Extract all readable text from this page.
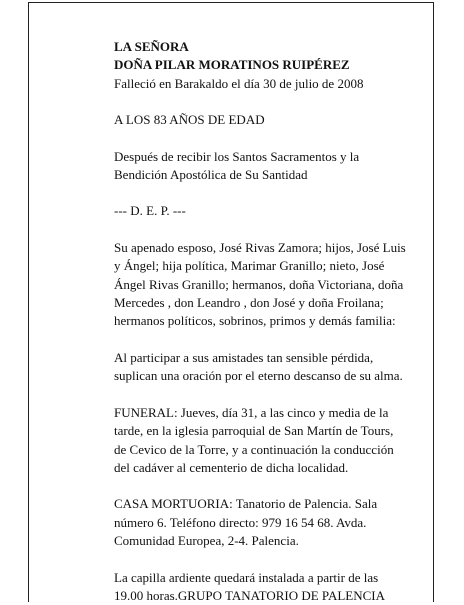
LA SEÑORA

DOÑA PILAR MORATINOS RUIPÉREZ

Falleció en Barakaldo el día 30 de julio de 2008

A LOS 83 AÑOS DE EDAD

Después de recibir los Santos Sacramentos y la

Bendición Apostólica de Su Santidad

--- D. E. P. ---

Su apenado esposo, José Rivas Zamora; hijos, José Luis

y Ángel; hija política, Marimar Granillo; nieto, José

Ángel Rivas Granillo; hermanos, doña Victoriana, doña

Mercedes , don Leandro , don José y doña Froilana;

hermanos políticos, sobrinos, primos y demás familia:

Al participar a sus amistades tan sensible pérdida,

suplican una oración por el eterno descanso de su alma.

FUNERAL: Jueves, día 31, a las cinco y media de la

tarde, en la iglesia parroquial de San Martín de Tours,

de Cevico de la Torre, y a continuación la conducción

del cadáver al cementerio de dicha localidad.

CASA MORTUORIA: Tanatorio de Palencia. Sala

número 6. Teléfono directo: 979 16 54 68. Avda.

Comunidad Europea, 2-4. Palencia.

La capilla ardiente quedará instalada a partir de las

19.00 horas.GRUPO TANATORIO DE PALENCIA
